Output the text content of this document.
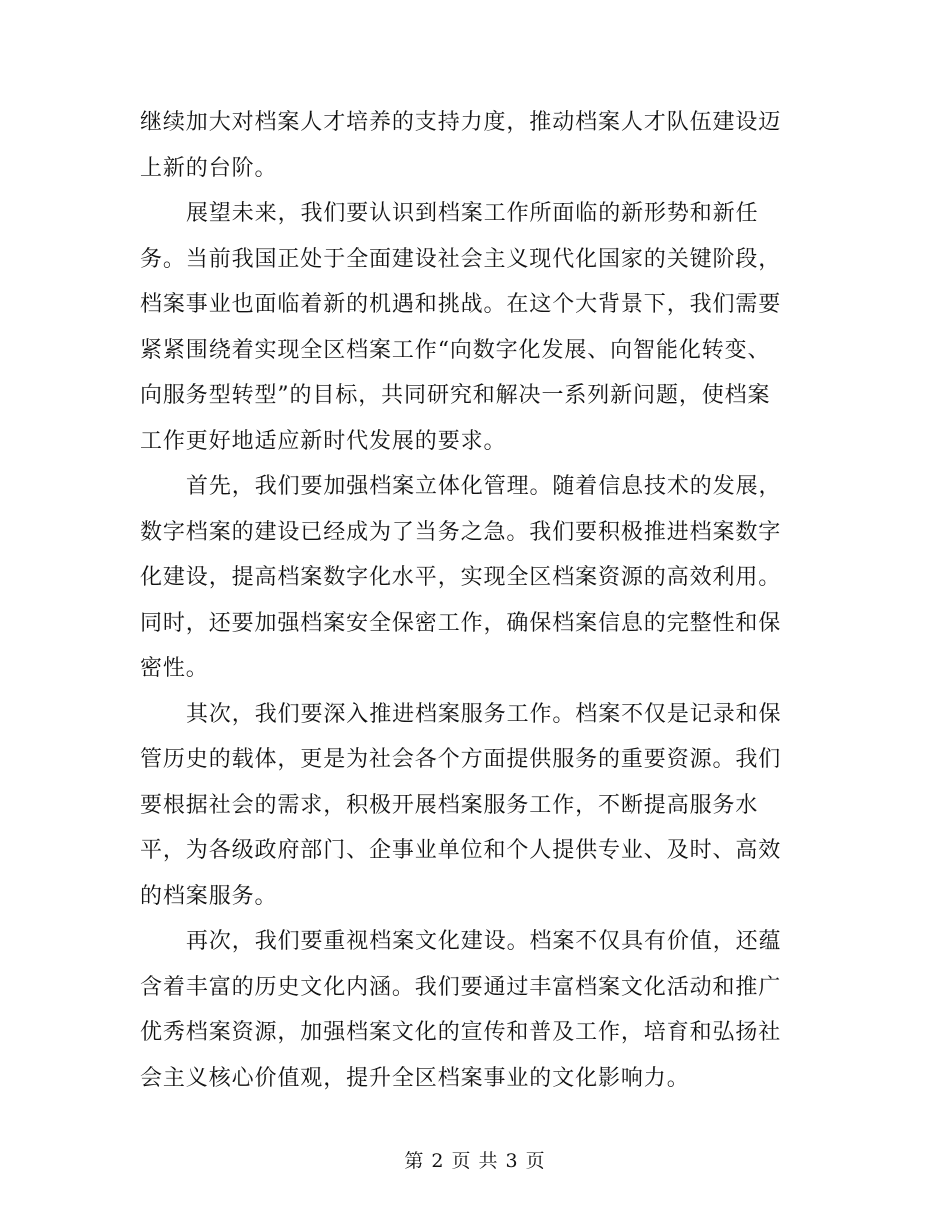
继续加大对档案人才培养的支持力度，推动档案人才队伍建设迈
上新的台阶。
展望未来，我们要认识到档案工作所面临的新形势和新任
务。当前我国正处于全面建设社会主义现代化国家的关键阶段，
档案事业也面临着新的机遇和挑战。在这个大背景下，我们需要
紧紧围绕着实现全区档案工作“向数字化发展、向智能化转变、
向服务型转型”的目标，共同研究和解决一系列新问题，使档案
工作更好地适应新时代发展的要求。
首先，我们要加强档案立体化管理。随着信息技术的发展，
数字档案的建设已经成为了当务之急。我们要积极推进档案数字
化建设，提高档案数字化水平，实现全区档案资源的高效利用。
同时，还要加强档案安全保密工作，确保档案信息的完整性和保
密性。
其次，我们要深入推进档案服务工作。档案不仅是记录和保
管历史的载体，更是为社会各个方面提供服务的重要资源。我们
要根据社会的需求，积极开展档案服务工作，不断提高服务水
平，为各级政府部门、企事业单位和个人提供专业、及时、高效
的档案服务。
再次，我们要重视档案文化建设。档案不仅具有价值，还蕴
含着丰富的历史文化内涵。我们要通过丰富档案文化活动和推广
优秀档案资源，加强档案文化的宣传和普及工作，培育和弘扬社
会主义核心价值观，提升全区档案事业的文化影响力。
第 2 页 共 3 页
